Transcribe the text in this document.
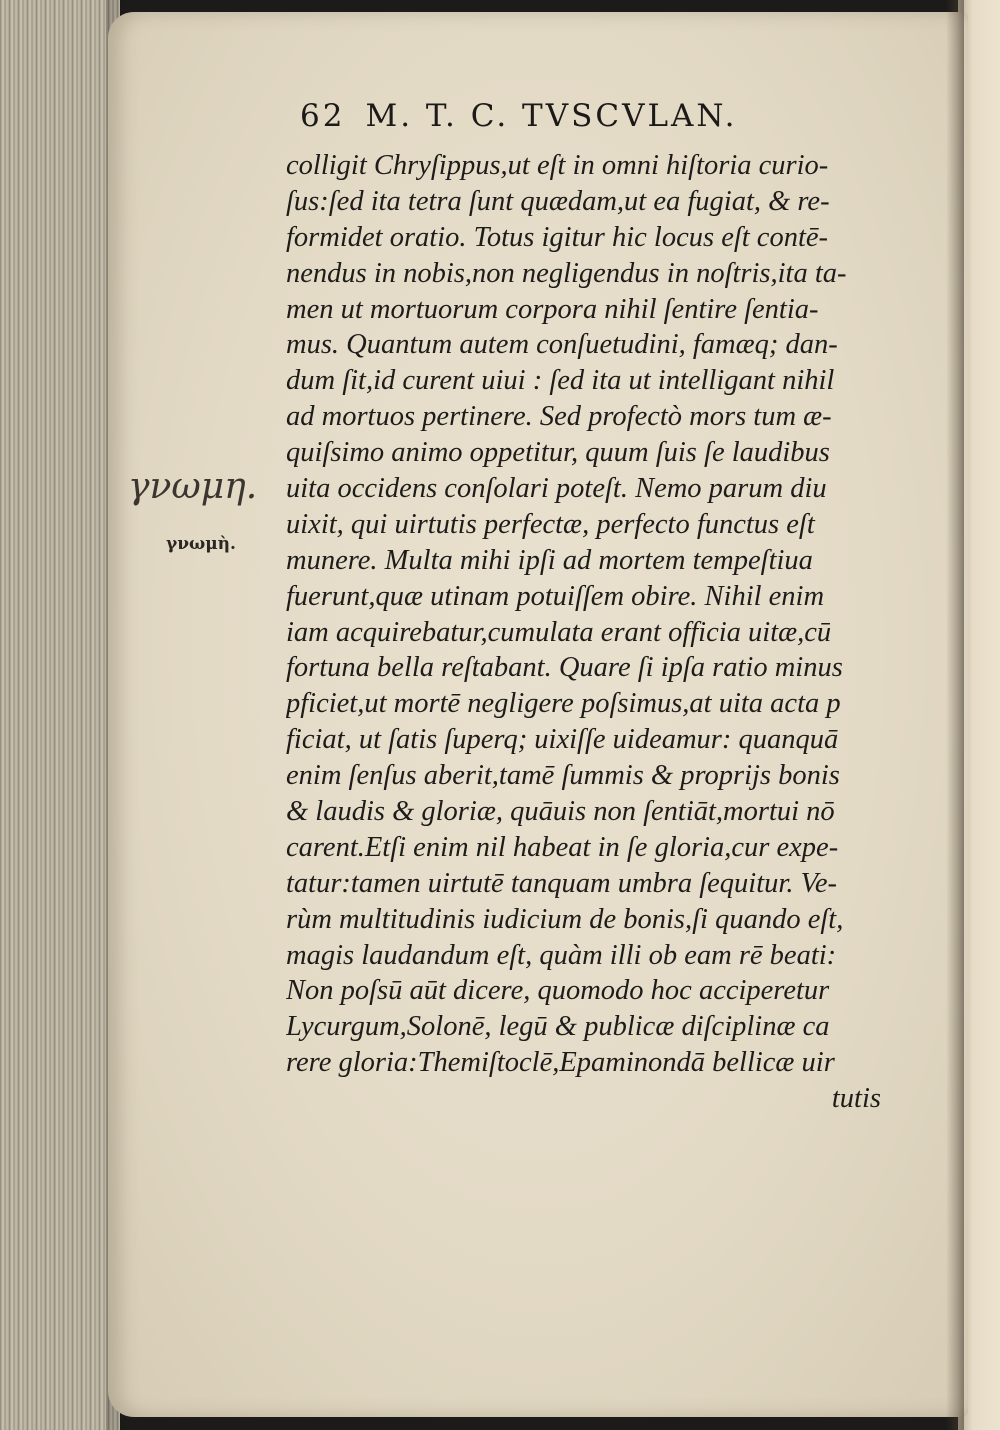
62 M. T. C. TVSCVLAN.
colligit Chryſippus,ut eſt in omni hiſtoria curio-
ſus:ſed ita tetra ſunt quædam,ut ea fugiat, & re-
formidet oratio. Totus igitur hic locus eſt contē-
nendus in nobis,non negligendus in noſtris,ita ta-
men ut mortuorum corpora nihil ſentire ſentia-
mus. Quantum autem conſuetudini, famæq; dan-
dum ſit,id curent uiui : ſed ita ut intelligant nihil
ad mortuos pertinere. Sed profectò mors tum æ-
quiſsimo animo oppetitur, quum ſuis ſe laudibus
uita occidens conſolari poteſt. Nemo parum diu
uixit, qui uirtutis perfectæ, perfecto functus eſt
munere. Multa mihi ipſi ad mortem tempeſtiua
fuerunt,quæ utinam potuiſſem obire. Nihil enim
iam acquirebatur,cumulata erant officia uitæ,cū
fortuna bella reſtabant. Quare ſi ipſa ratio minus
pficiet,ut mortē negligere poſsimus,at uita acta p
ficiat, ut ſatis ſuperq; uixiſſe uideamur: quanquā
enim ſenſus aberit,tamē ſummis & proprijs bonis
& laudis & gloriæ, quāuis non ſentiāt,mortui nō
carent.Etſi enim nil habeat in ſe gloria,cur expe-
tatur:tamen uirtutē tanquam umbra ſequitur. Ve-
rùm multitudinis iudicium de bonis,ſi quando eſt,
magis laudandum eſt, quàm illi ob eam rē beati:
Non poſsū aūt dicere, quomodo hoc acciperetur
Lycurgum,Solonē, legū & publicæ diſciplinæ ca
rere gloria:Themiſtoclē,Epaminondā bellicæ uir
tutis
γνωμη.
γνωμὴ.
